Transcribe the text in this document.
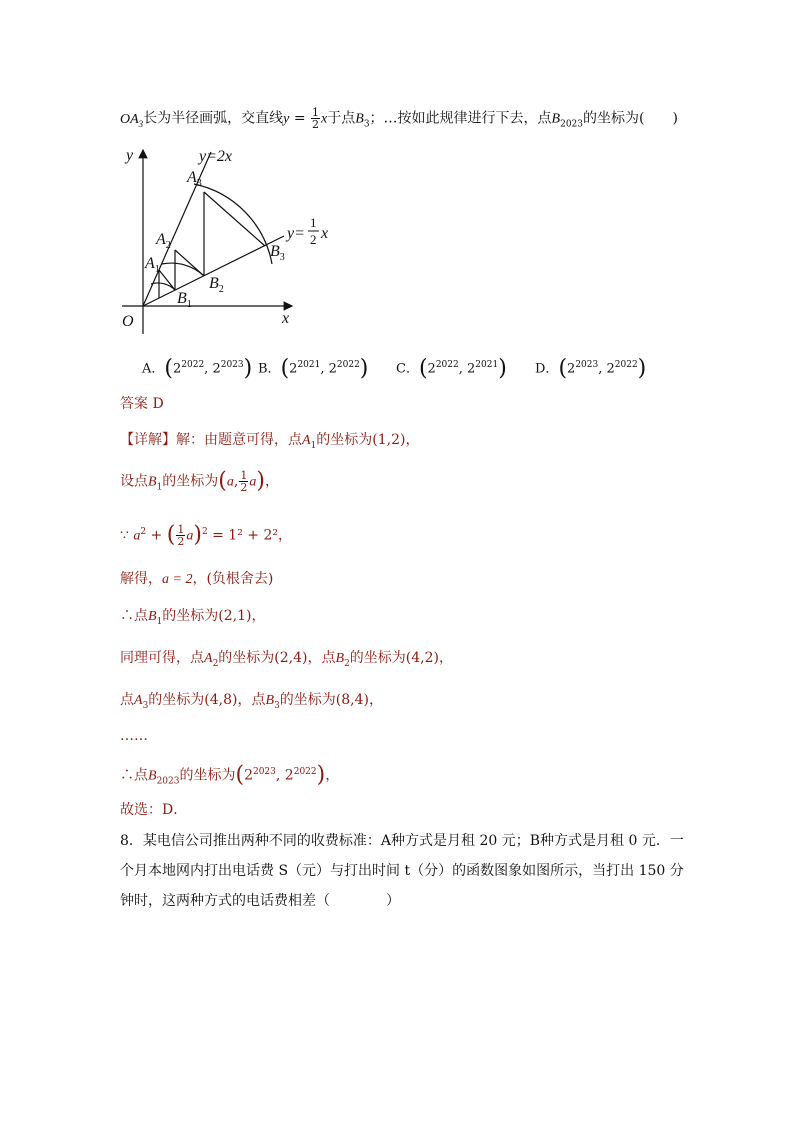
$OA_3$长为半径画弧，交直线$y = \frac{1}{2}$ x于点$B_3$；…按如此规律进行下去，点$B_{2023}$的坐标为(　　)
y
x
O
y=2x
y=
1
2 x
$A_1$
$A_2$
$A_3$
$B_1$
$B_2$
$B_3$
A．($2^{2022}$, $2^{2023}$) B．($2^{2021}$, $2^{2022}$) C．($2^{2022}$, $2^{2021}$) D．($2^{2023}$, $2^{2022}$)
答案 D
【详解】解：由题意可得，点$A_1$的坐标为(1,2)，
设点$B_1$的坐标为(a, $\frac{1}{2} a$)，
∵ $a^2$ + ( $\frac{1}{2} a)^2 = 1^2 + 2^2$，
解得，a = 2，(负根舍去)
∴点$B_1$的坐标为(2,1)，
同理可得，点$A_2$的坐标为(2,4)，点$B_2$的坐标为(4,2)，
点$A_3$的坐标为(4,8)，点$B_3$的坐标为(8,4)，
……
∴点$B_{2023}$的坐标为($2^{2023}$, $2^{2022}$)，
故选：D．
8．某电信公司推出两种不同的收费标准：A种方式是月租 20 元；B种方式是月租 0 元．一
个月本地网内打出电话费 S（元）与打出时间 t（分）的函数图象如图所示，当打出 150 分
钟时，这两种方式的电话费相差（　　　　）
